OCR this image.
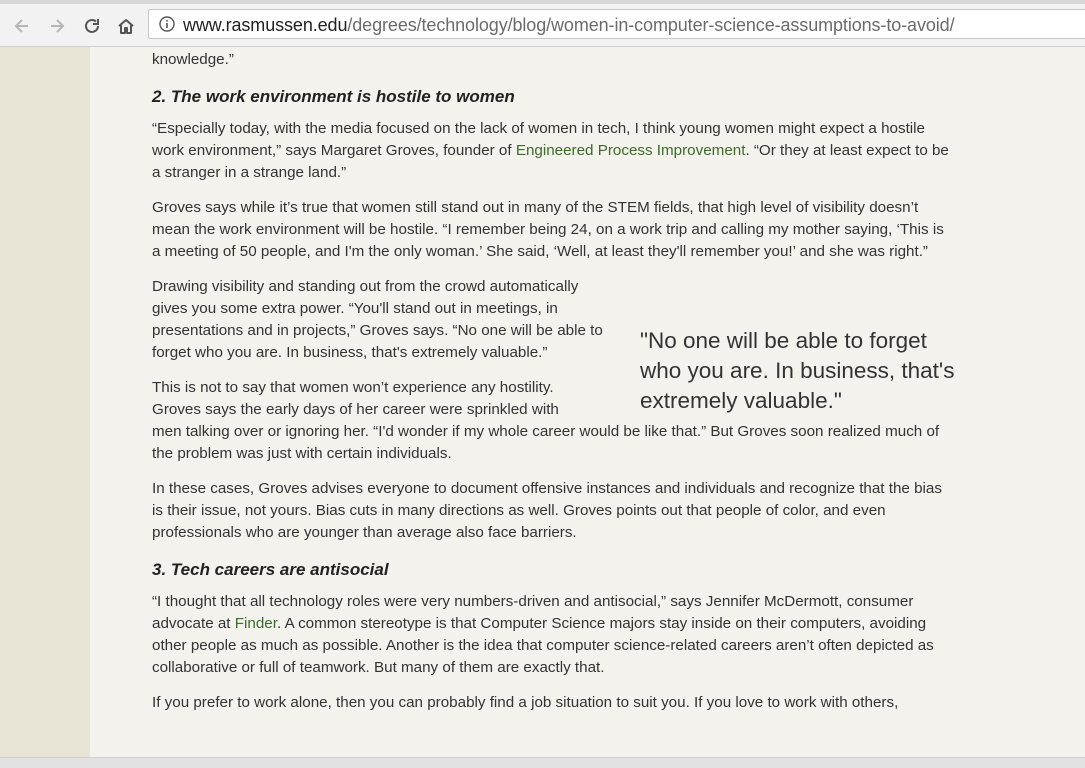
www.rasmussen.edu/degrees/technology/blog/women-in-computer-science-assumptions-to-avoid/

knowledge.”

2. The work environment is hostile to women

“Especially today, with the media focused on the lack of women in tech, I think young women might expect a hostile work environment,” says Margaret Groves, founder of Engineered Process Improvement. “Or they at least expect to be a stranger in a strange land.”

Groves says while it’s true that women still stand out in many of the STEM fields, that high level of visibility doesn’t mean the work environment will be hostile. “I remember being 24, on a work trip and calling my mother saying, ‘This is a meeting of 50 people, and I'm the only woman.’ She said, ‘Well, at least they'll remember you!’ and she was right.”

Drawing visibility and standing out from the crowd automatically gives you some extra power. “You'll stand out in meetings, in presentations and in projects,” Groves says. “No one will be able to forget who you are. In business, that's extremely valuable.”

This is not to say that women won’t experience any hostility. Groves says the early days of her career were sprinkled with
men talking over or ignoring her. “I'd wonder if my whole career would be like that.” But Groves soon realized much of the problem was just with certain individuals.

In these cases, Groves advises everyone to document offensive instances and individuals and recognize that the bias is their issue, not yours. Bias cuts in many directions as well. Groves points out that people of color, and even professionals who are younger than average also face barriers.

3. Tech careers are antisocial

“I thought that all technology roles were very numbers-driven and antisocial,” says Jennifer McDermott, consumer advocate at Finder. A common stereotype is that Computer Science majors stay inside on their computers, avoiding other people as much as possible. Another is the idea that computer science-related careers aren’t often depicted as collaborative or full of teamwork. But many of them are exactly that.

If you prefer to work alone, then you can probably find a job situation to suit you. If you love to work with others,

"No one will be able to forget who you are. In business, that's extremely valuable."
